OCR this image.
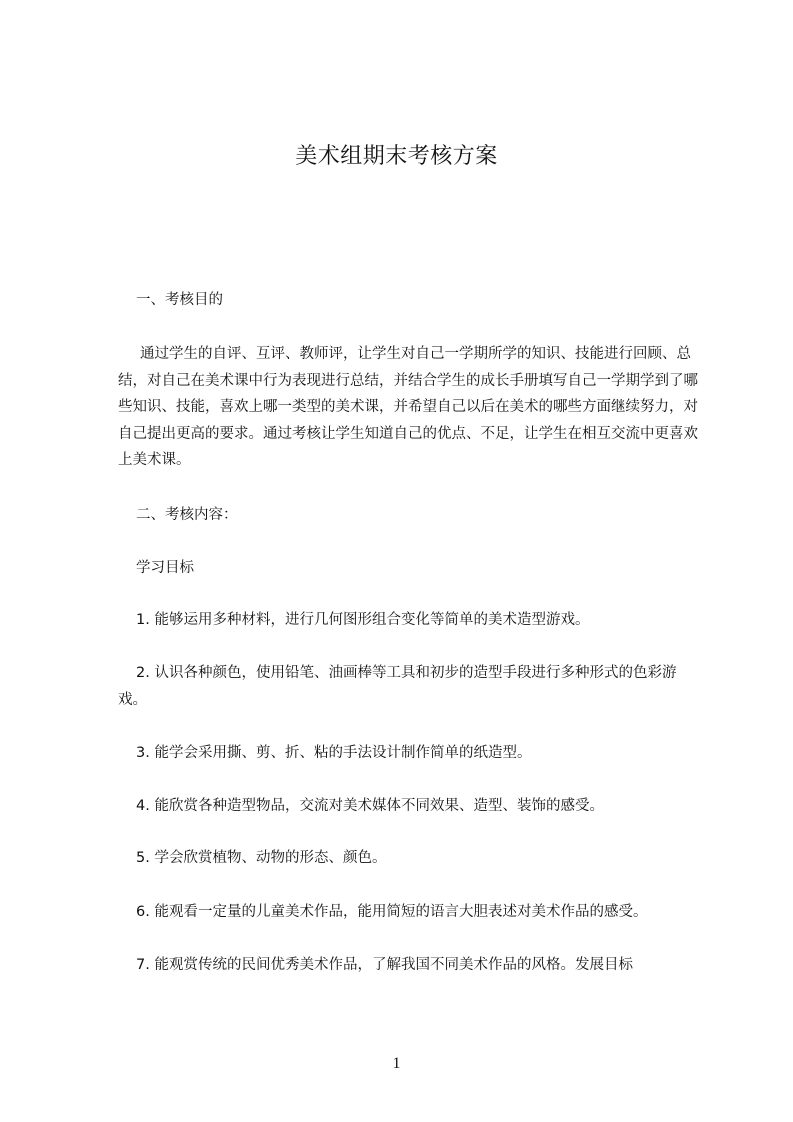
美术组期末考核方案

一、考核目的

通过学生的自评、互评、教师评，让学生对自己一学期所学的知识、技能进行回顾、总结，对自己在美术课中行为表现进行总结，并结合学生的成长手册填写自己一学期学到了哪些知识、技能，喜欢上哪一类型的美术课，并希望自己以后在美术的哪些方面继续努力，对自己提出更高的要求。通过考核让学生知道自己的优点、不足，让学生在相互交流中更喜欢上美术课。

二、考核内容：

学习目标

1. 能够运用多种材料，进行几何图形组合变化等简单的美术造型游戏。

2. 认识各种颜色，使用铅笔、油画棒等工具和初步的造型手段进行多种形式的色彩游戏。

3. 能学会采用撕、剪、折、粘的手法设计制作简单的纸造型。

4. 能欣赏各种造型物品，交流对美术媒体不同效果、造型、装饰的感受。

5. 学会欣赏植物、动物的形态、颜色。

6. 能观看一定量的儿童美术作品，能用简短的语言大胆表述对美术作品的感受。

7. 能观赏传统的民间优秀美术作品，了解我国不同美术作品的风格。发展目标

1
